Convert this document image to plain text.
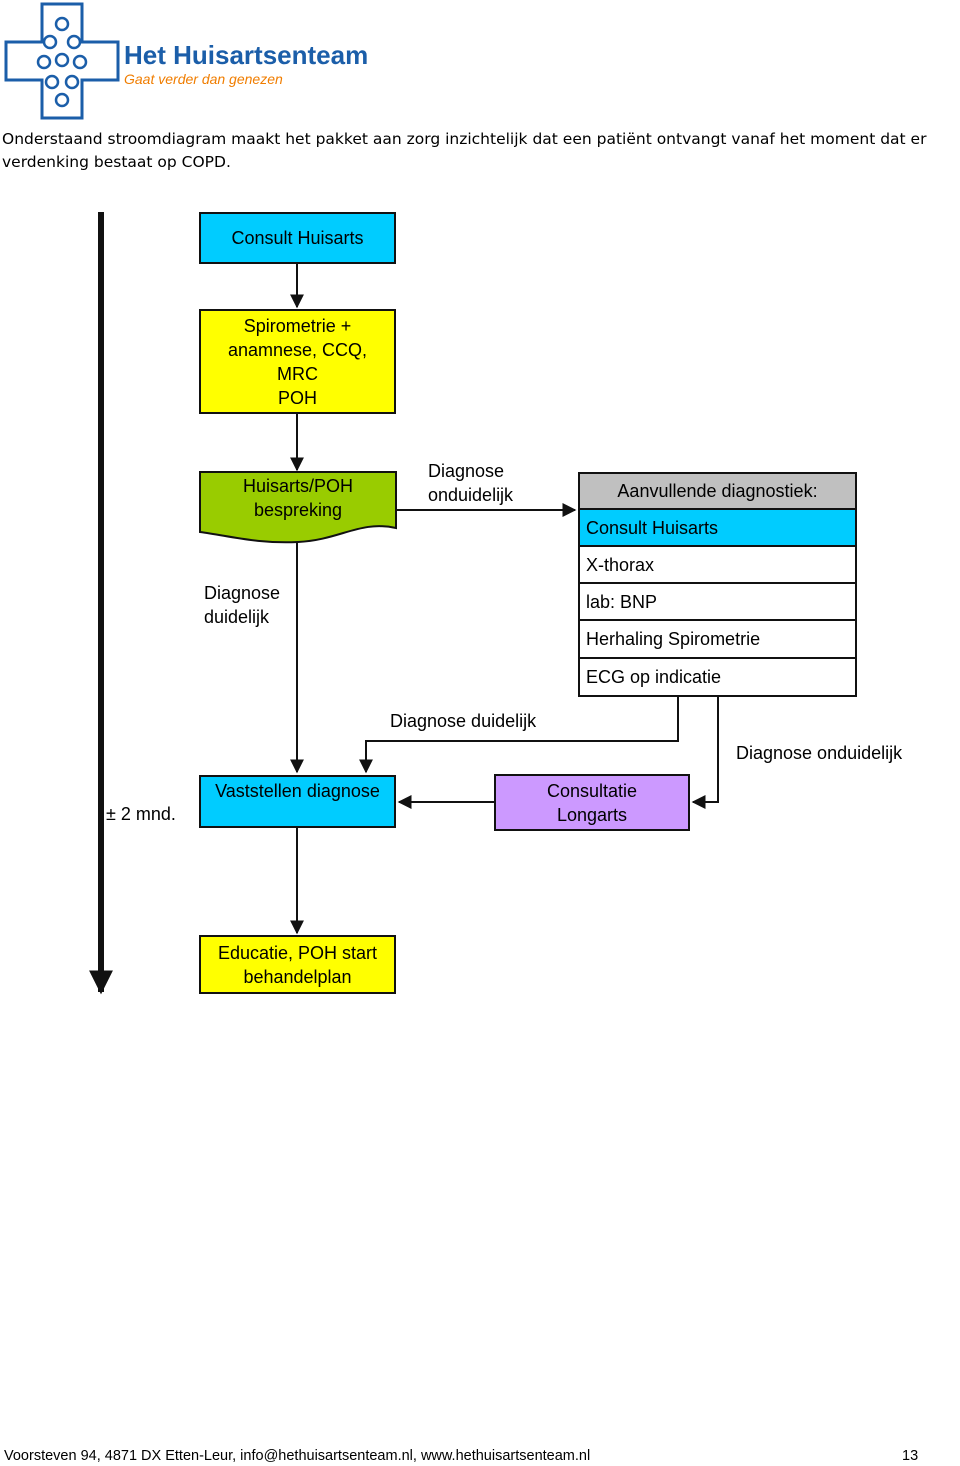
Het Huisartsenteam
Gaat verder dan genezen
Onderstaand stroomdiagram maakt het pakket aan zorg inzichtelijk dat een patiënt ontvangt vanaf het moment dat er verdenking bestaat op COPD.
Consult Huisarts
Spirometrie +
anamnese, CCQ,
MRC
POH
Huisarts/POH
bespreking
Diagnose
onduidelijk
Diagnose
duidelijk
Aanvullende diagnostiek:
Consult Huisarts
X-thorax
lab: BNP
Herhaling Spirometrie
ECG op indicatie
Diagnose duidelijk
Diagnose onduidelijk
± 2 mnd.
Vaststellen diagnose	Consultatie
Longarts
Educatie, POH start
behandelplan
Voorsteven 94, 4871 DX Etten-Leur, info@hethuisartsenteam.nl, www.hethuisartsenteam.nl	13
